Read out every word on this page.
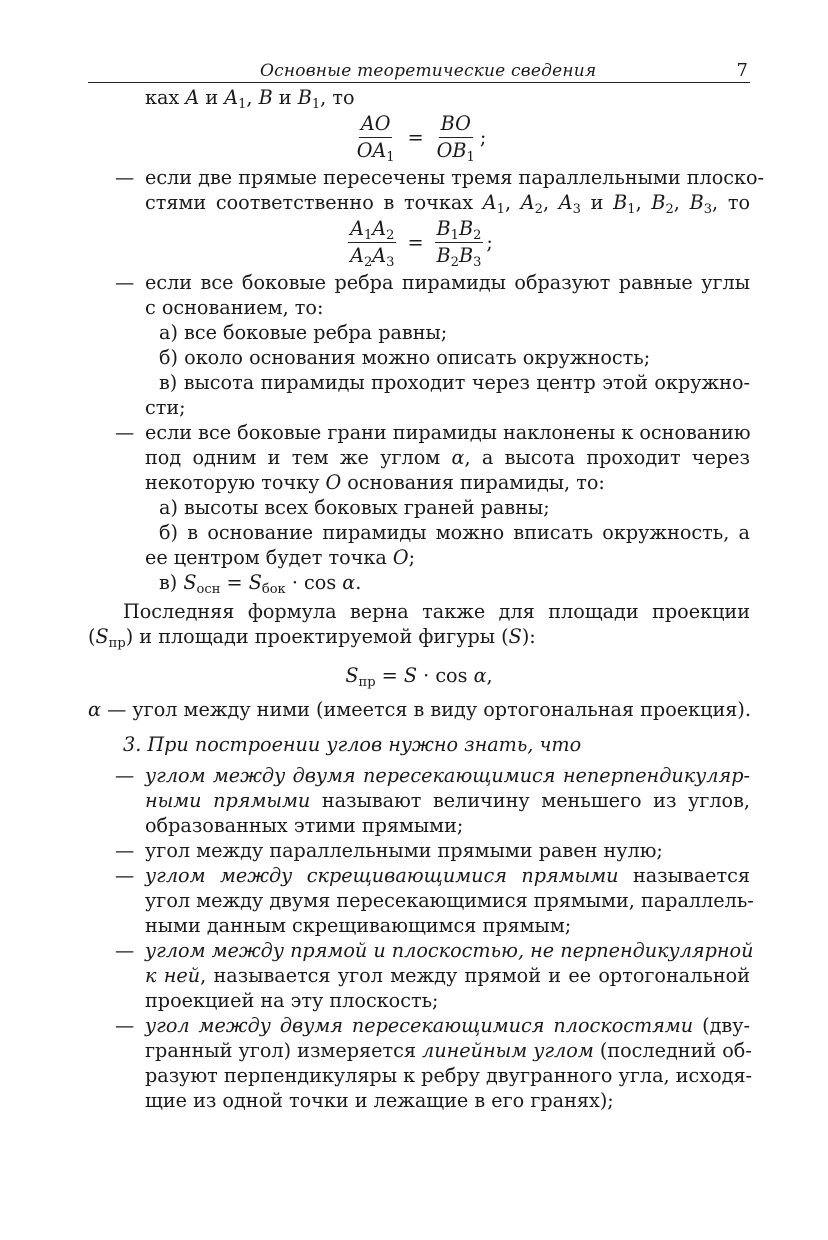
Основные теоретические сведения	7
ках A и $A_1$, B и $B_1$, то
$\frac{AO}{OA_1} = \frac{BO}{OB_1}$ ;
— если две прямые пересечены тремя параллельными плоско-
стями соответственно в точках $A_1$, $A_2$, $A_3$ и $B_1$, $B_2$, $B_3$, то
$\frac{A_1A_2}{A_2A_3} = \frac{B_1B_2}{B_2B_3}$ ;
— если все боковые ребра пирамиды образуют равные углы
с основанием, то:
а) все боковые ребра равны;
б) около основания можно описать окружность;
в) высота пирамиды проходит через центр этой окружно-
сти;
— если все боковые грани пирамиды наклонены к основанию
под одним и тем же углом α, а высота проходит через
некоторую точку O основания пирамиды, то:
а) высоты всех боковых граней равны;
б) в основание пирамиды можно вписать окружность, а
ее центром будет точка O;
в) $S_{осн} = S_{бок} \cdot \cos \alpha$.
Последняя формула верна также для площади проекции
$(S_{пр})$ и площади проектируемой фигуры (S):
$S_{пр} = S \cdot \cos \alpha$,
α — угол между ними (имеется в виду ортогональная проекция).
3. При построении углов нужно знать, что
— углом между двумя пересекающимися неперпендикуляр-
ными прямыми называют величину меньшего из углов,
образованных этими прямыми;
— угол между параллельными прямыми равен нулю;
— углом между скрещивающимися прямыми называется
угол между двумя пересекающимися прямыми, параллель-
ными данным скрещивающимся прямым;
— углом между прямой и плоскостью, не перпендикулярной
к ней, называется угол между прямой и ее ортогональной
проекцией на эту плоскость;
— угол между двумя пересекающимися плоскостями (дву-
гранный угол) измеряется линейным углом (последний об-
разуют перпендикуляры к ребру двугранного угла, исходя-
щие из одной точки и лежащие в его гранях);
